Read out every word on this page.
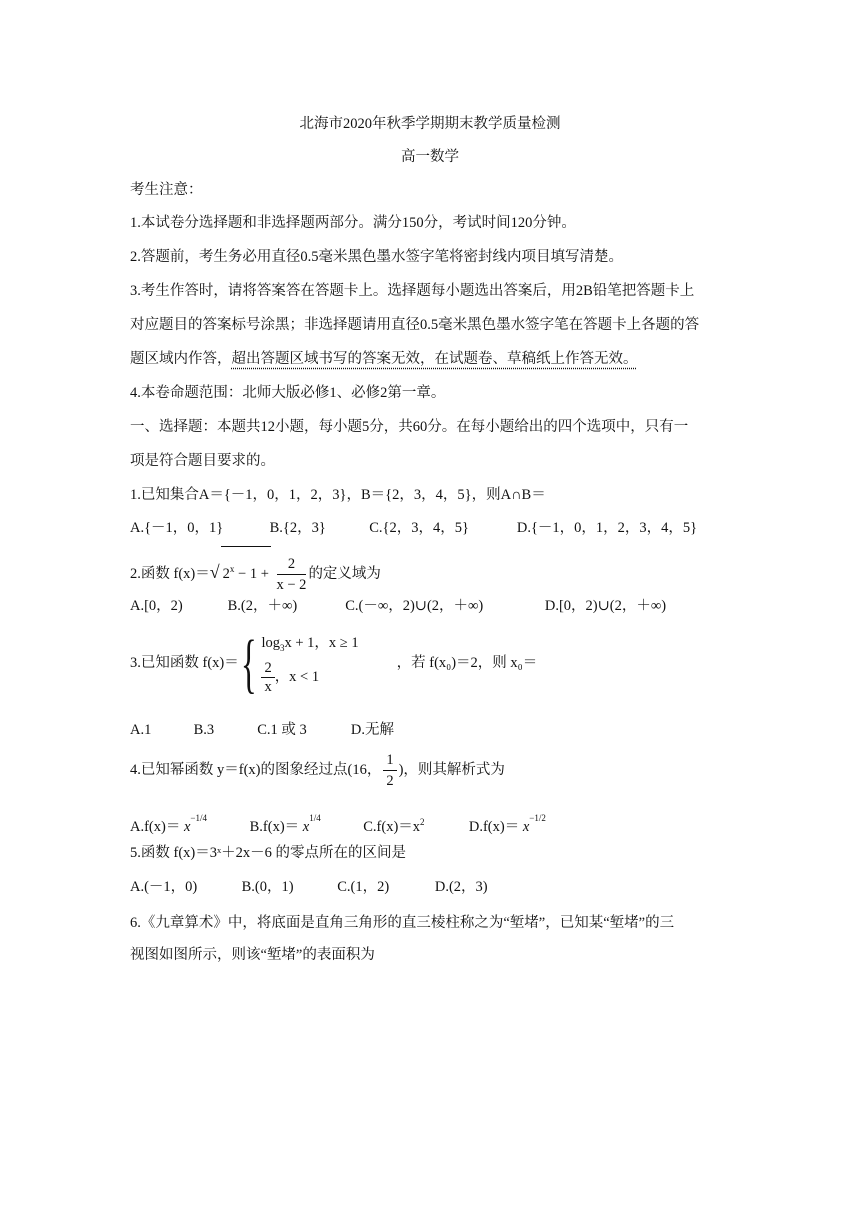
北海市2020年秋季学期期末教学质量检测
高一数学
考生注意：
1.本试卷分选择题和非选择题两部分。满分150分，考试时间120分钟。
2.答题前，考生务必用直径0.5毫米黑色墨水签字笔将密封线内项目填写清楚。
3.考生作答时，请将答案答在答题卡上。选择题每小题选出答案后，用2B铅笔把答题卡上
对应题目的答案标号涂黑；非选择题请用直径0.5毫米黑色墨水签字笔在答题卡上各题的答
题区域内作答，超出答题区域书写的答案无效，在试题卷、草稿纸上作答无效。
4.本卷命题范围：北师大版必修1、必修2第一章。
一、选择题：本题共12小题，每小题5分，共60分。在每小题给出的四个选项中，只有一
项是符合题目要求的。
1.已知集合A＝{－1，0，1，2，3}，B＝{2，3，4，5}，则A∩B＝
A.{－1，0，1}	B.{2，3}	C.{2，3，4，5}	D.{－1，0，1，2，3，4，5}
2.函数 f(x)＝√ $2^x - 1 + \frac{2}{x - 2}$ 的定义域为
A.[0，2)	B.(2，＋∞)	C.(－∞，2)∪(2，＋∞)	D.[0，2)∪(2，＋∞)
3.已知函数 f(x)＝{ $\log_3x + 1$，x ≥ 1
$\frac{2}{x}$ ，x < 1
，若 f(x₀)＝2，则 x₀＝
A.1	B.3	C.1 或 3	D.无解
4.已知幂函数 y＝f(x)的图象经过点(16， $\frac{1}{2}$ )，则其解析式为
$A.f(x)= x^{-1/4}$ $B.f(x)= x^{1/4}$ $C.f(x)=x^2$	$D.f(x)= x^{-1/2}$
5.函数 f(x)＝3ˣ＋2x－6 的零点所在的区间是
A.(－1，0)	B.(0，1)	C.(1，2)	D.(2，3)
6.《九章算术》中，将底面是直角三角形的直三棱柱称之为“堑堵”，已知某“堑堵”的三
视图如图所示，则该“堑堵”的表面积为
